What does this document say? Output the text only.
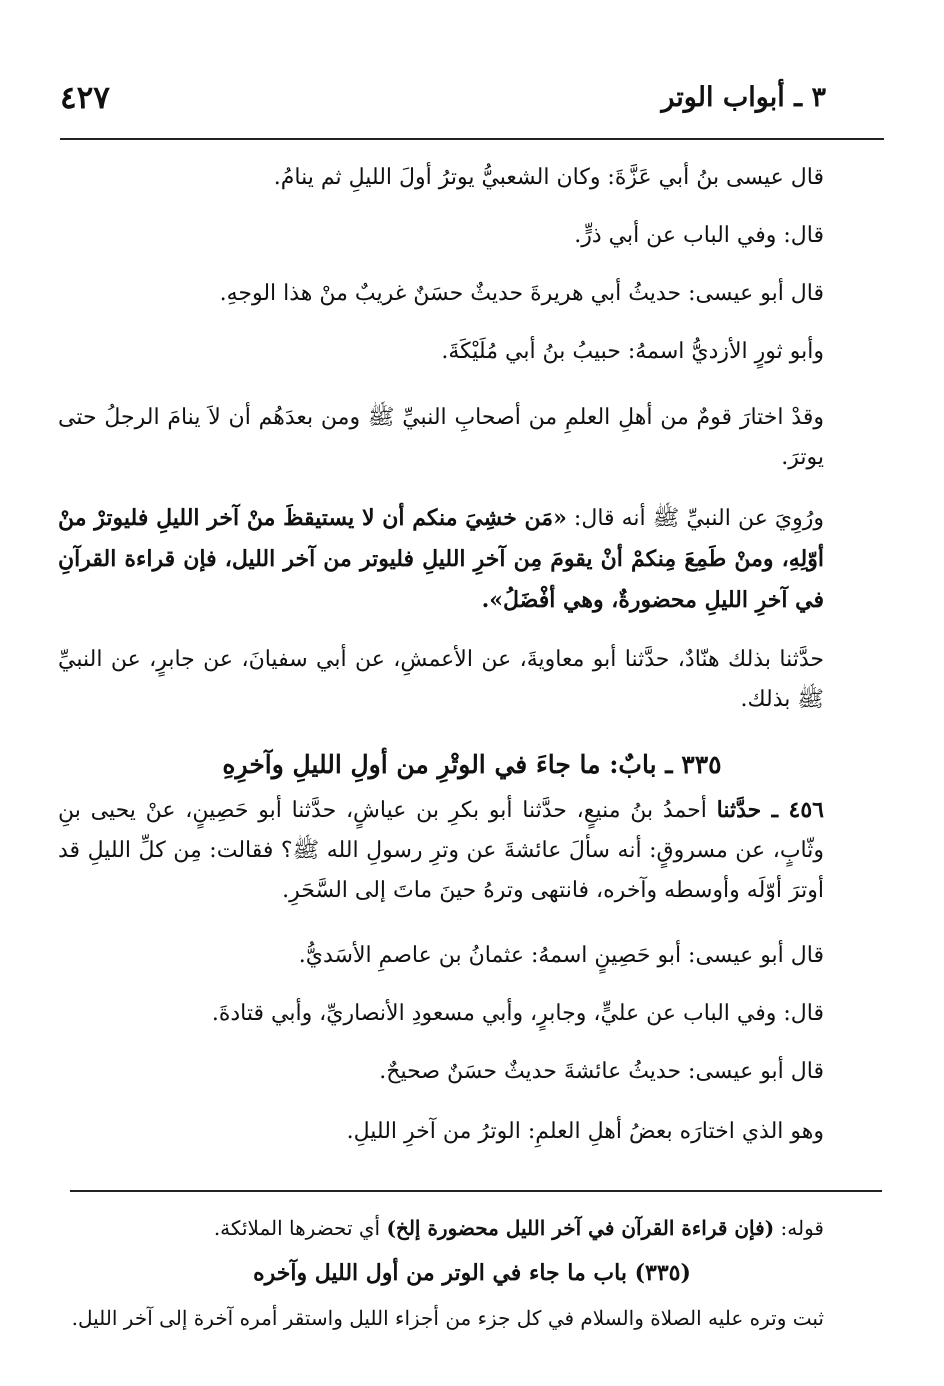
٤٢٧	٣ ـ أبواب الوتر
قال عيسى بنُ أبي عَزَّةَ: وكان الشعبيُّ يوترُ أولَ الليلِ ثم ينامُ.
قال: وفي الباب عن أبي ذرٍّ.
قال أبو عيسى: حديثُ أبي هريرةَ حديثٌ حسَنٌ غريبٌ منْ هذا الوجهِ.
وأبو ثورٍ الأزديُّ اسمهُ: حبيبُ بنُ أبي مُلَيْكَةَ.
وقدْ اختارَ قومٌ من أهلِ العلمِ من أصحابِ النبيِّ ﷺ ومن بعدَهُم أن لاَ ينامَ الرجلُ حتى يوترَ.
ورُوِيَ عن النبيِّ ﷺ أنه قال: «مَن خشِيَ منكم أن لا يستيقظَ منْ آخر الليلِ فليوترْ منْ أوّلِهِ، ومنْ طَمِعَ مِنكمْ أنْ يقومَ مِن آخرِ الليلِ فليوتر من آخر الليل، فإن قراءة القرآنِ في آخرِ الليلِ محضورةٌ، وهي أفْضَلُ».
حدَّثنا بذلك هنّادٌ، حدَّثنا أبو معاويةَ، عن الأعمشِ، عن أبي سفيانَ، عن جابرٍ، عن النبيِّ ﷺ بذلك.
٣٣٥ ـ بابٌ: ما جاءَ في الوتْرِ من أولِ الليلِ وآخرِهِ
٤٥٦ ـ حدَّثنا أحمدُ بنُ منيعٍ، حدَّثنا أبو بكرِ بن عياشٍ، حدَّثنا أبو حَصِينٍ، عنْ يحيى بنِ وثّابٍ، عن مسروقٍ: أنه سألَ عائشةَ عن وترِ رسولِ الله ﷺ؟ فقالت: مِن كلِّ الليلِ قد أوترَ أوّلَه وأوسطه وآخره، فانتهى وترهُ حينَ ماتَ إلى السَّحَرِ.
قال أبو عيسى: أبو حَصِينٍ اسمهُ: عثمانُ بن عاصمِ الأسَديُّ.
قال: وفي الباب عن عليٍّ، وجابرٍ، وأبي مسعودِ الأنصاريِّ، وأبي قتادةَ.
قال أبو عيسى: حديثُ عائشةَ حديثٌ حسَنٌ صحيحٌ.
وهو الذي اختارَه بعضُ أهلِ العلمِ: الوترُ من آخرِ الليلِ.
قوله: (فإن قراءة القرآن في آخر الليل محضورة إلخ) أي تحضرها الملائكة.
(٣٣٥) باب ما جاء في الوتر من أول الليل وآخره
ثبت وتره عليه الصلاة والسلام في كل جزء من أجزاء الليل واستقر أمره آخرة إلى آخر الليل.
